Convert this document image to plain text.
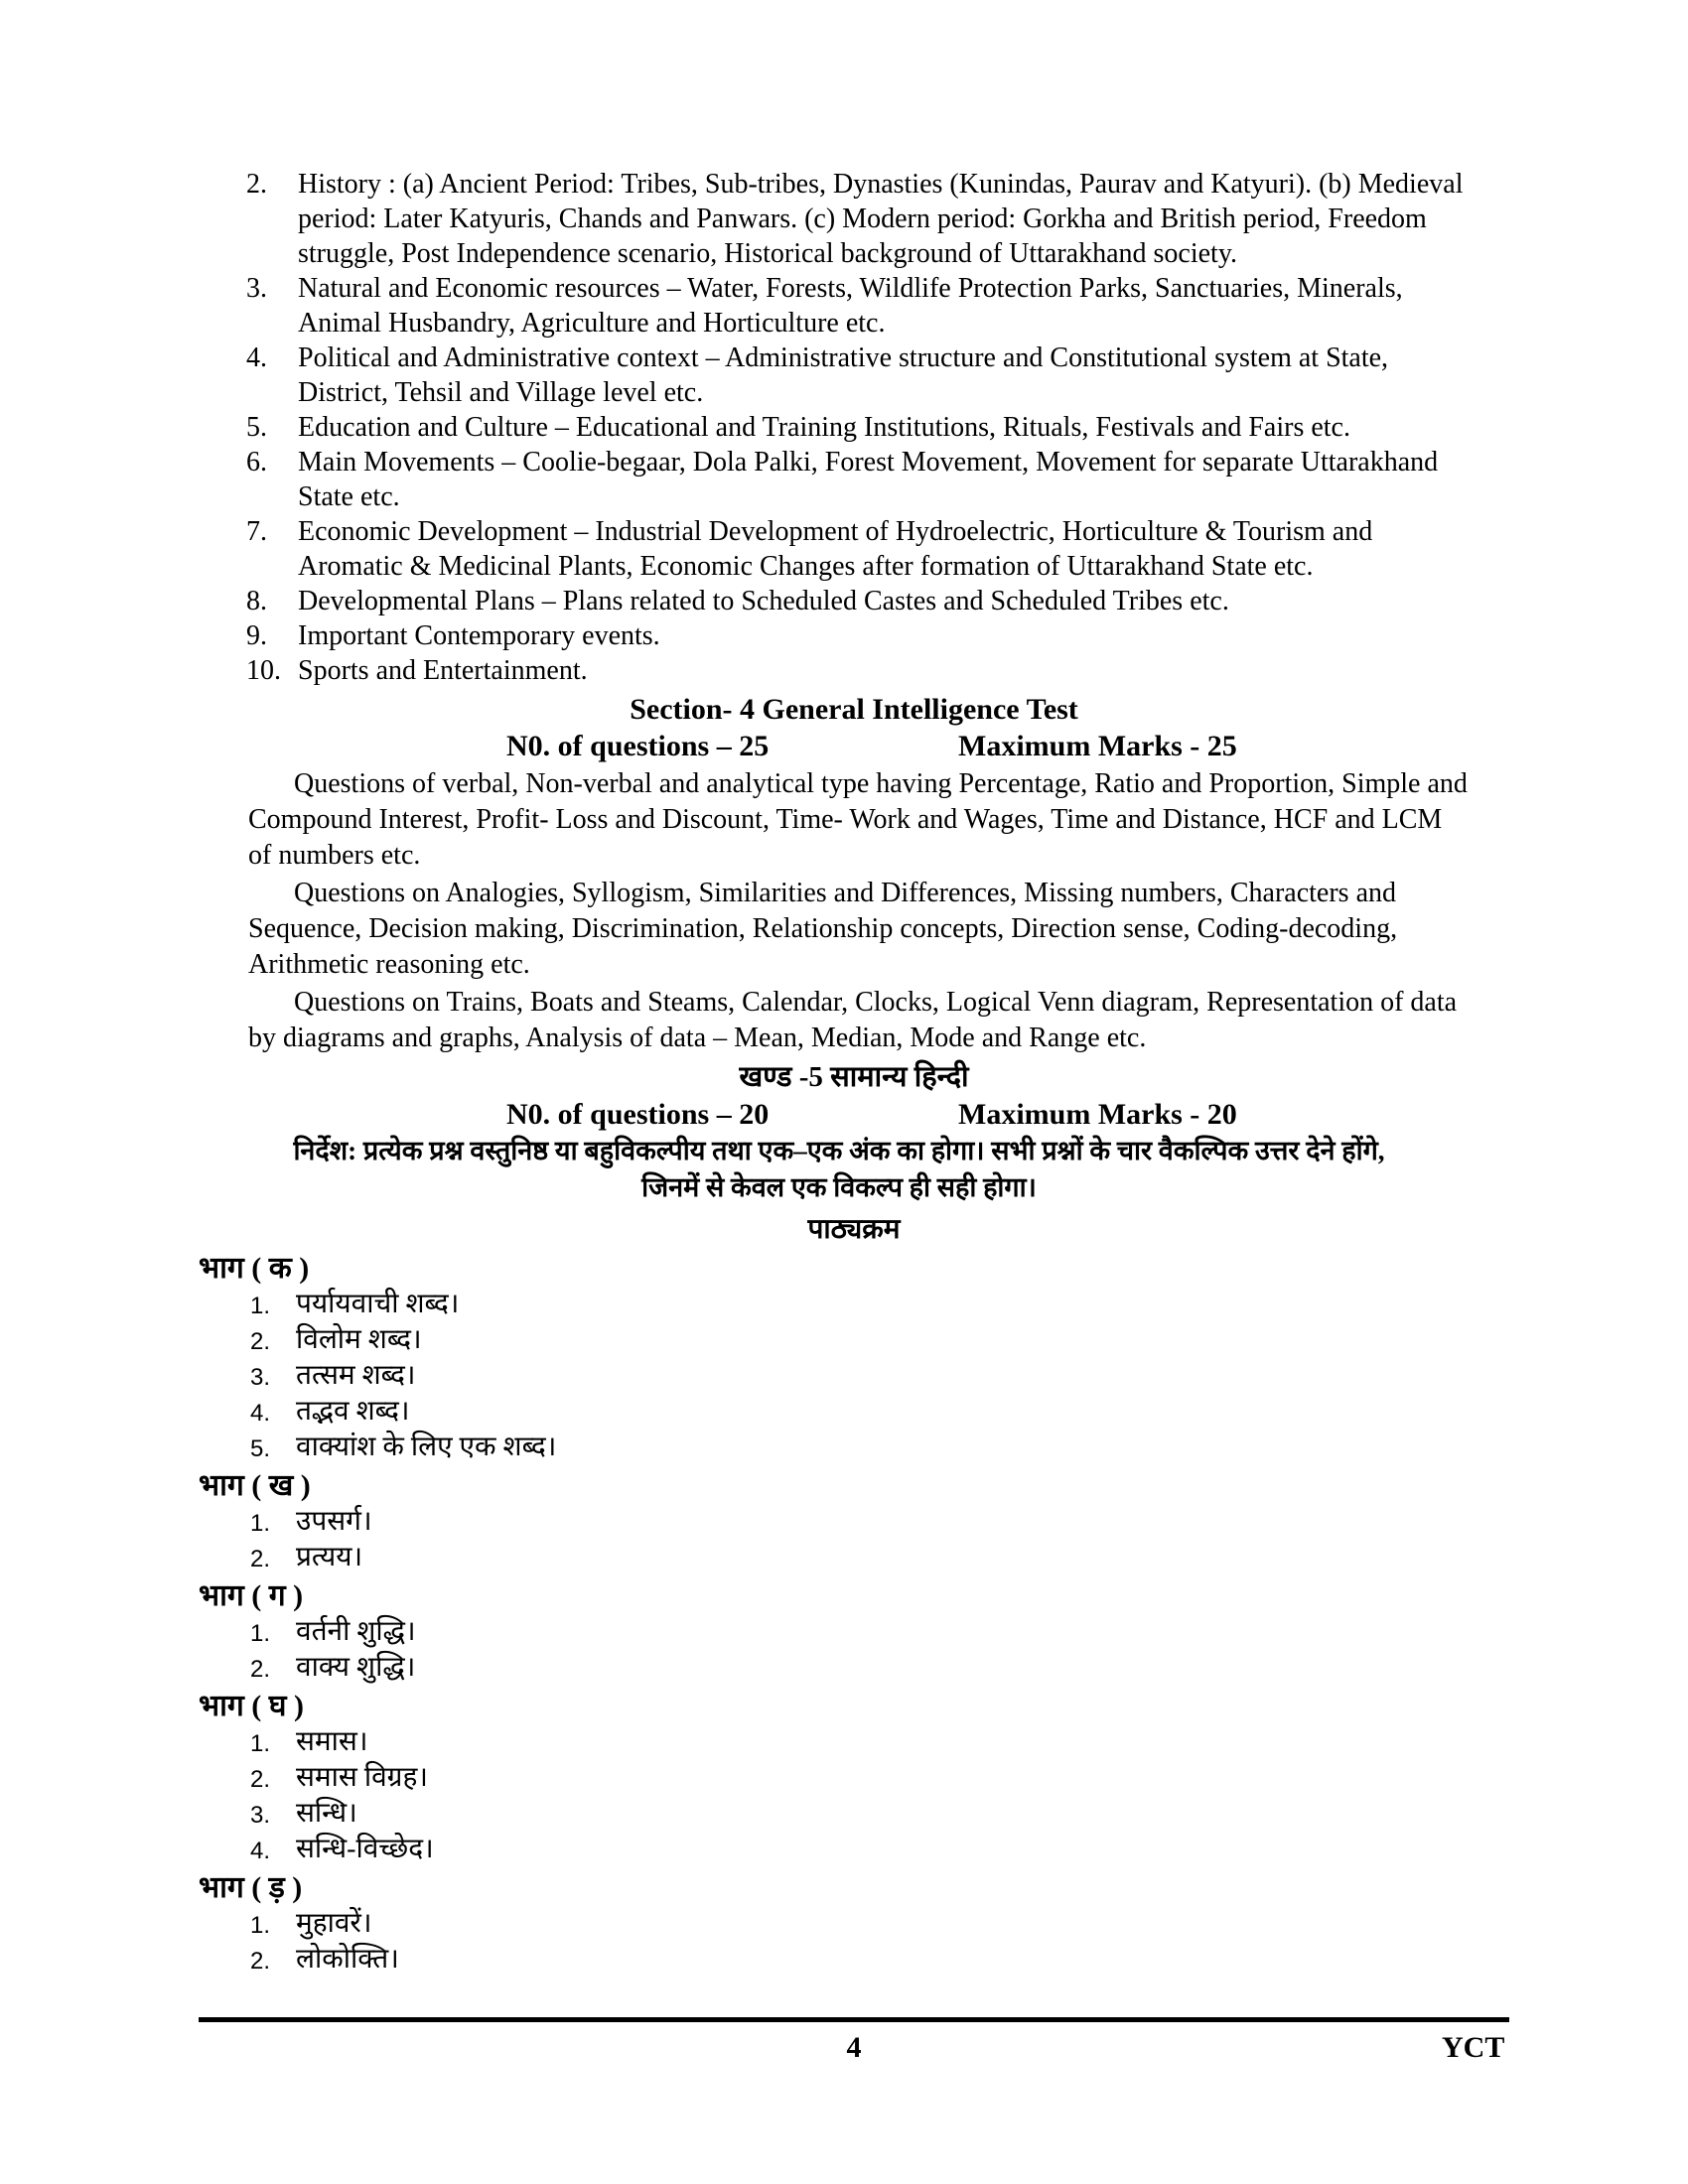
2. History : (a) Ancient Period: Tribes, Sub-tribes, Dynasties (Kunindas, Paurav and Katyuri). (b) Medieval period: Later Katyuris, Chands and Panwars. (c) Modern period: Gorkha and British period, Freedom struggle, Post Independence scenario, Historical background of Uttarakhand society.
3. Natural and Economic resources – Water, Forests, Wildlife Protection Parks, Sanctuaries, Minerals, Animal Husbandry, Agriculture and Horticulture etc.
4. Political and Administrative context – Administrative structure and Constitutional system at State, District, Tehsil and Village level etc.
5. Education and Culture – Educational and Training Institutions, Rituals, Festivals and Fairs etc.
6. Main Movements – Coolie-begaar, Dola Palki, Forest Movement, Movement for separate Uttarakhand State etc.
7. Economic Development – Industrial Development of Hydroelectric, Horticulture & Tourism and Aromatic & Medicinal Plants, Economic Changes after formation of Uttarakhand State etc.
8. Developmental Plans – Plans related to Scheduled Castes and Scheduled Tribes etc.
9. Important Contemporary events.
10. Sports and Entertainment.
Section- 4 General Intelligence Test
N0. of questions – 25	Maximum Marks - 25

Questions of verbal, Non-verbal and analytical type having Percentage, Ratio and Proportion, Simple and Compound Interest, Profit- Loss and Discount, Time- Work and Wages, Time and Distance, HCF and LCM of numbers etc.

Questions on Analogies, Syllogism, Similarities and Differences, Missing numbers, Characters and Sequence, Decision making, Discrimination, Relationship concepts, Direction sense, Coding-decoding, Arithmetic reasoning etc.

Questions on Trains, Boats and Steams, Calendar, Clocks, Logical Venn diagram, Representation of data by diagrams and graphs, Analysis of data – Mean, Median, Mode and Range etc.

खण्ड -5 सामान्य हिन्दी
N0. of questions – 20	Maximum Marks - 20
निर्देश: प्रत्येक प्रश्न वस्तुनिष्ठ या बहुविकल्पीय तथा एक–एक अंक का होगा। सभी प्रश्नों के चार वैकल्पिक उत्तर देने होंगे,
जिनमें से केवल एक विकल्प ही सही होगा।
पाठ्यक्रम
भाग ( क )
1. पर्यायवाची शब्द।
2. विलोम शब्द।
3. तत्सम शब्द।
4. तद्भव शब्द।
5. वाक्यांश के लिए एक शब्द।
भाग ( ख )
1. उपसर्ग।
2. प्रत्यय।
भाग ( ग )
1. वर्तनी शुद्धि।
2. वाक्य शुद्धि।
भाग ( घ )
1. समास।
2. समास विग्रह।
3. सन्धि।
4. सन्धि-विच्छेद।
भाग ( ड़ )
1. मुहावरें।
2. लोकोक्ति।
4	YCT
